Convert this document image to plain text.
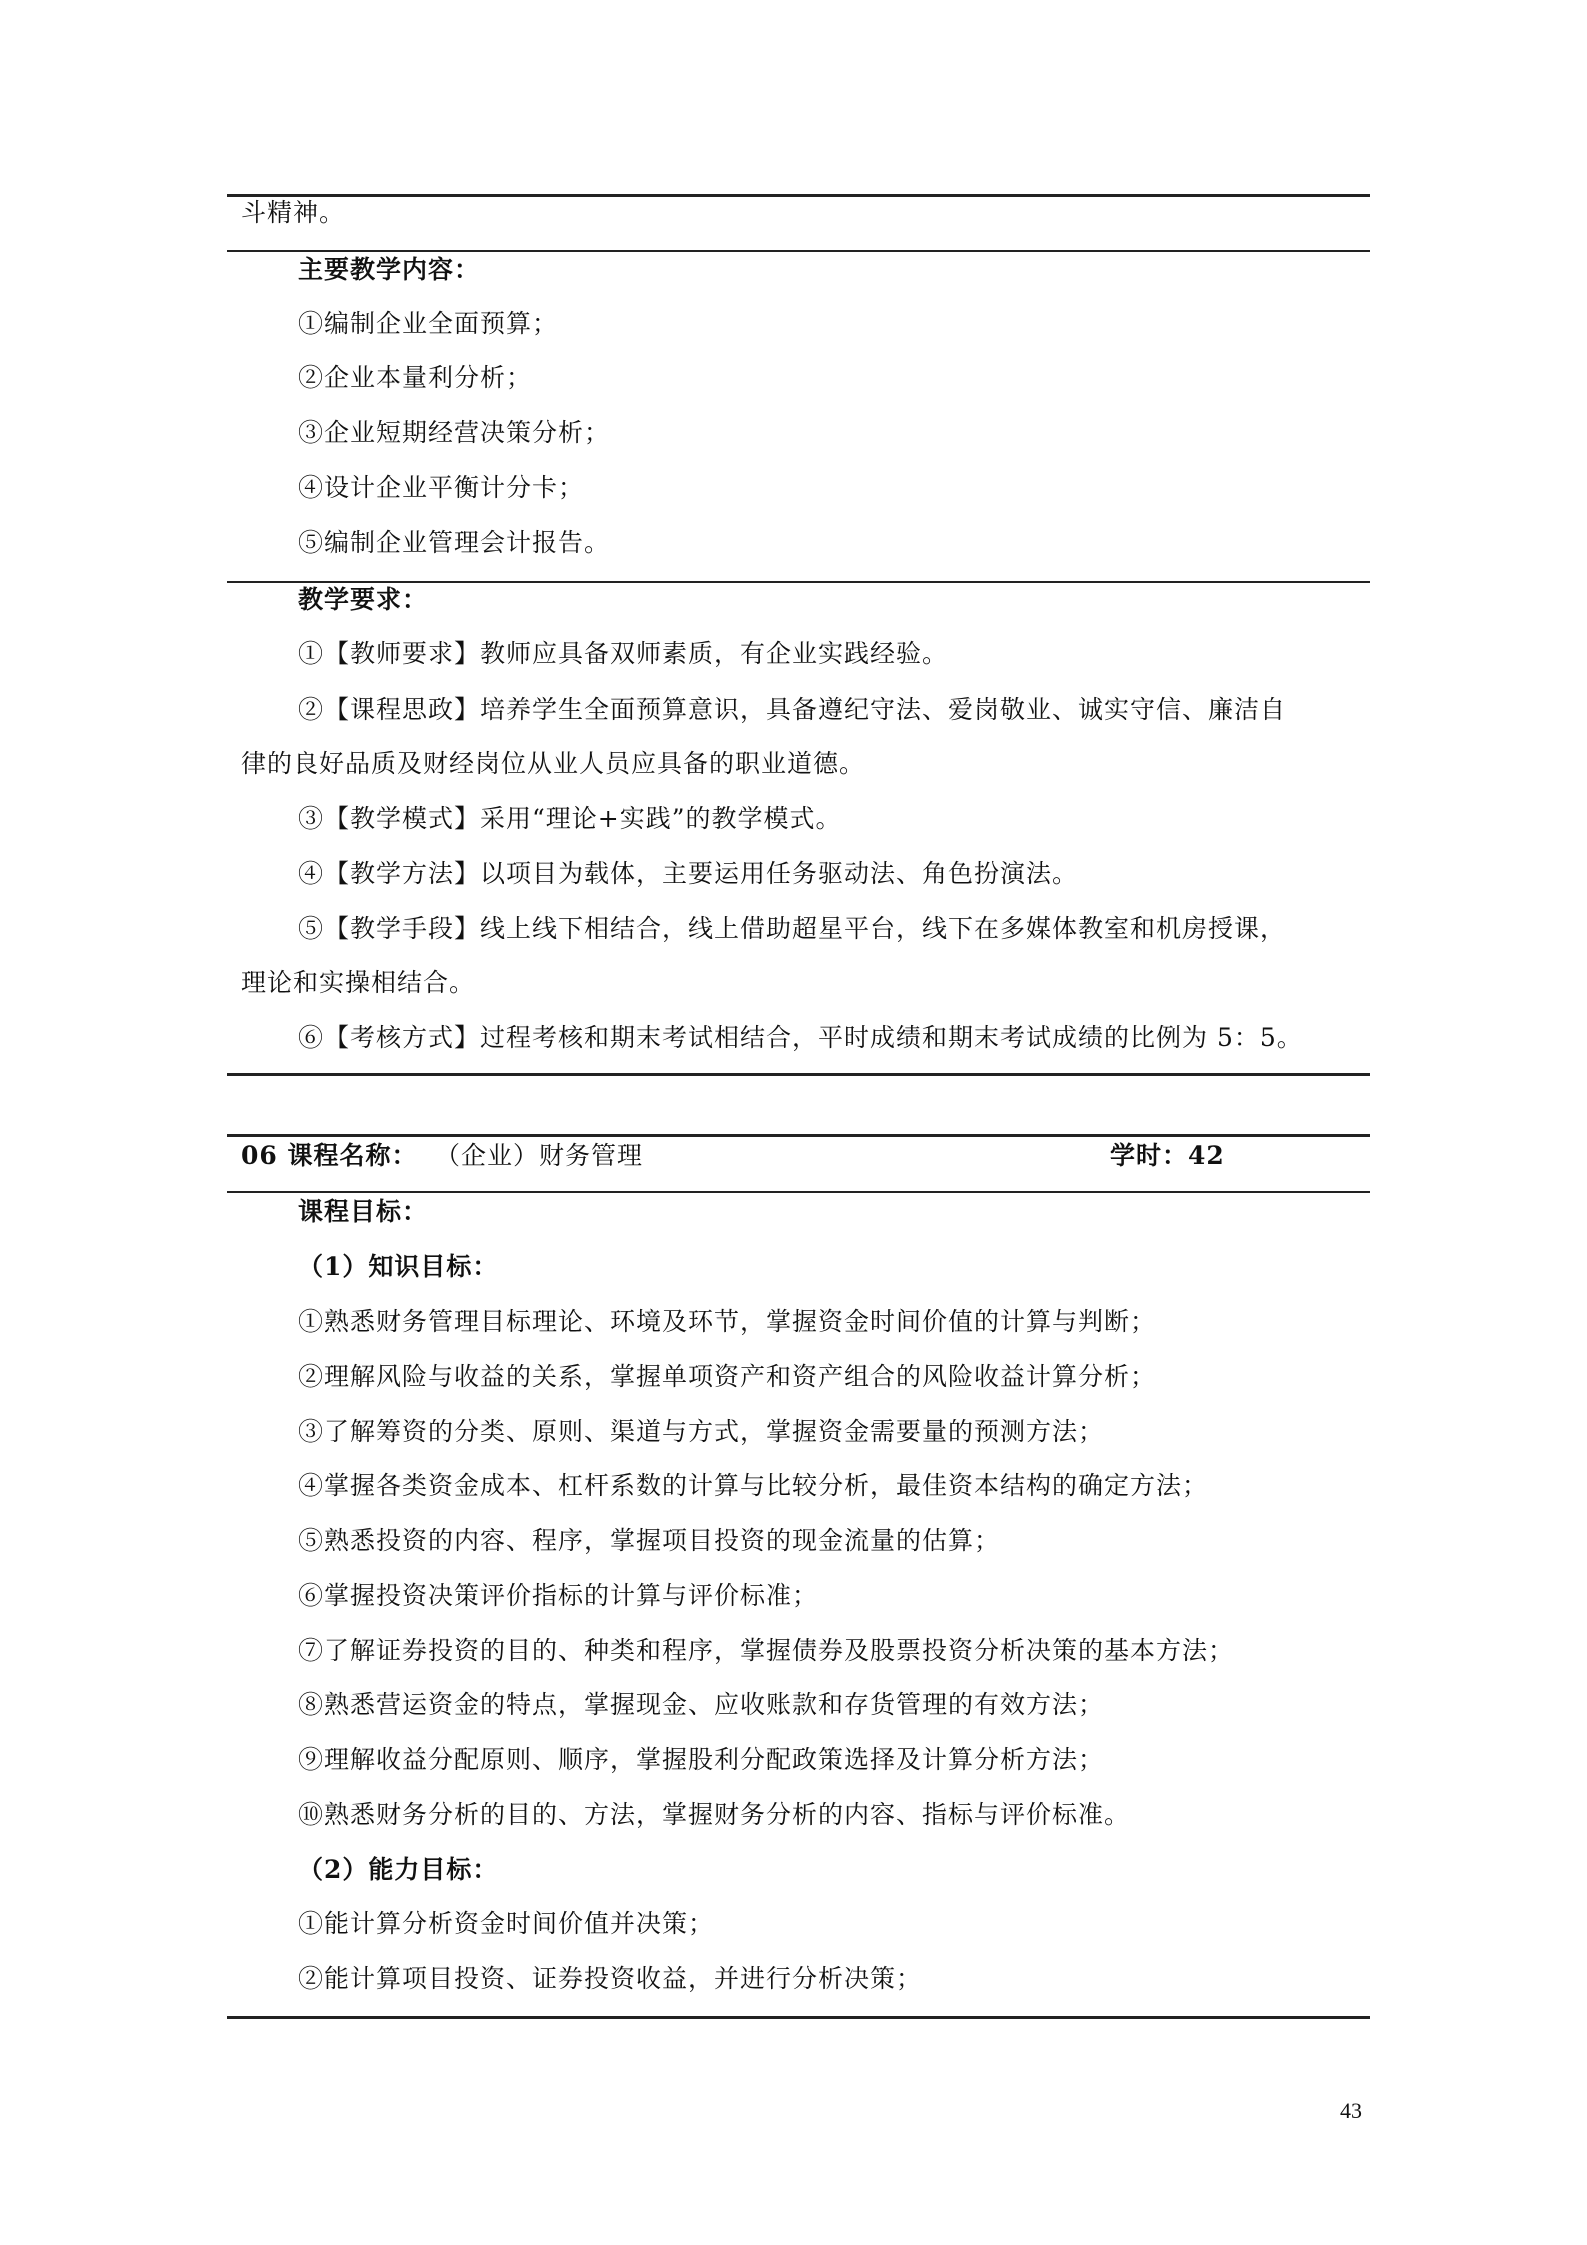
斗精神。
主要教学内容：
①编制企业全面预算；
②企业本量利分析；
③企业短期经营决策分析；
④设计企业平衡计分卡；
⑤编制企业管理会计报告。
教学要求：
①【教师要求】教师应具备双师素质，有企业实践经验。
②【课程思政】培养学生全面预算意识，具备遵纪守法、爱岗敬业、诚实守信、廉洁自
律的良好品质及财经岗位从业人员应具备的职业道德。
③【教学模式】采用“理论+实践”的教学模式。
④【教学方法】以项目为载体，主要运用任务驱动法、角色扮演法。
⑤【教学手段】线上线下相结合，线上借助超星平台，线下在多媒体教室和机房授课，
理论和实操相结合。
⑥【考核方式】过程考核和期末考试相结合，平时成绩和期末考试成绩的比例为 5：5。
06 课程名称： （企业）财务管理	学时：42
课程目标：
（1）知识目标：
①熟悉财务管理目标理论、环境及环节，掌握资金时间价值的计算与判断；
②理解风险与收益的关系，掌握单项资产和资产组合的风险收益计算分析；
③了解筹资的分类、原则、渠道与方式，掌握资金需要量的预测方法；
④掌握各类资金成本、杠杆系数的计算与比较分析，最佳资本结构的确定方法；
⑤熟悉投资的内容、程序，掌握项目投资的现金流量的估算；
⑥掌握投资决策评价指标的计算与评价标准；
⑦了解证券投资的目的、种类和程序，掌握债券及股票投资分析决策的基本方法；
⑧熟悉营运资金的特点，掌握现金、应收账款和存货管理的有效方法；
⑨理解收益分配原则、顺序，掌握股利分配政策选择及计算分析方法；
⑩熟悉财务分析的目的、方法，掌握财务分析的内容、指标与评价标准。
（2）能力目标：
①能计算分析资金时间价值并决策；
②能计算项目投资、证券投资收益，并进行分析决策；
43
